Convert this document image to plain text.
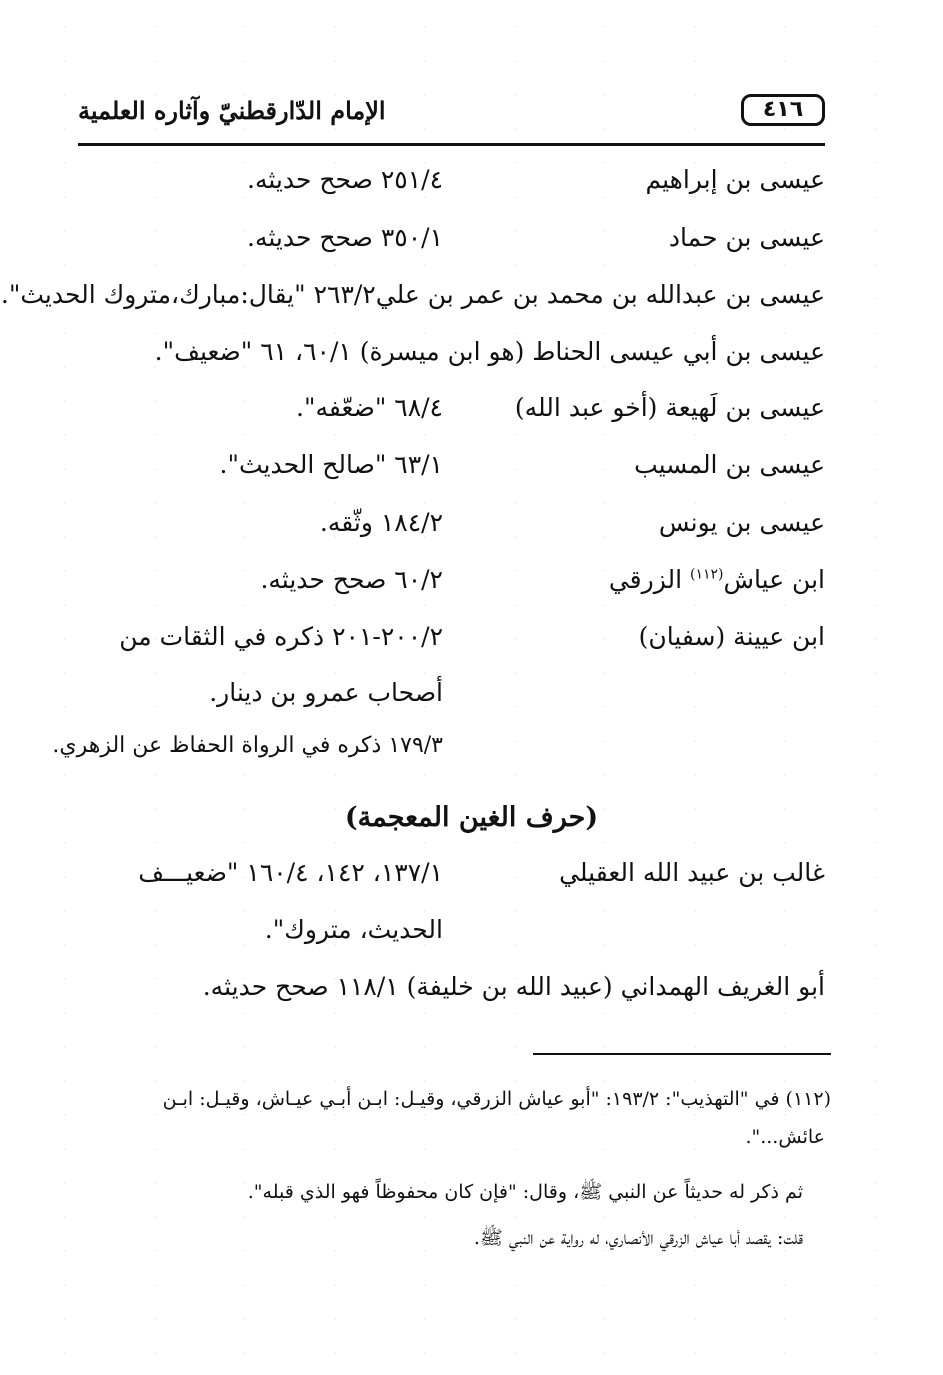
٤١٦
الإمام الدّارقطنيّ وآثاره العلمية
عيسى بن إبراهيم
٢٥١/٤ صحح حديثه.
عيسى بن حماد
٣٥٠/١ صحح حديثه.
عيسى بن عبدالله بن محمد بن عمر بن علي٢٦٣/٢ "يقال:مبارك،متروك الحديث".
عيسى بن أبي عيسى الحناط (هو ابن ميسرة) ٦٠/١، ٦١ "ضعيف".
عيسى بن لَهيعة (أخو عبد الله)
٦٨/٤ "ضعّفه".
عيسى بن المسيب
٦٣/١ "صالح الحديث".
عيسى بن يونس
١٨٤/٢ وثّقه.
ابن عياش$^{(١١٢)}$ الزرقي
٦٠/٢ صحح حديثه.
ابن عيينة (سفيان)
٢٠٠/٢-٢٠١ ذكره في الثقات من
أصحاب عمرو بن دينار.
١٧٩/٣ ذكره في الرواة الحفاظ عن الزهري.
(حرف الغين المعجمة)
غالب بن عبيد الله العقيلي
١٣٧/١، ١٤٢، ١٦٠/٤ "ضعيـــف
الحديث، متروك".
أبو الغريف الهمداني (عبيد الله بن خليفة) ١١٨/١ صحح حديثه.
(١١٢) في "التهذيب": ١٩٣/٢: "أبو عياش الزرقي، وقيـل: ابـن أبـي عيـاش، وقيـل: ابـن
عائش...".
ثم ذكر له حديثاً عن النبي ﷺ، وقال: "فإن كان محفوظاً فهو الذي قبله".
قلت: يقصد أبا عياش الزرقي الأنصاري، له رواية عن النبي ﷺ.
